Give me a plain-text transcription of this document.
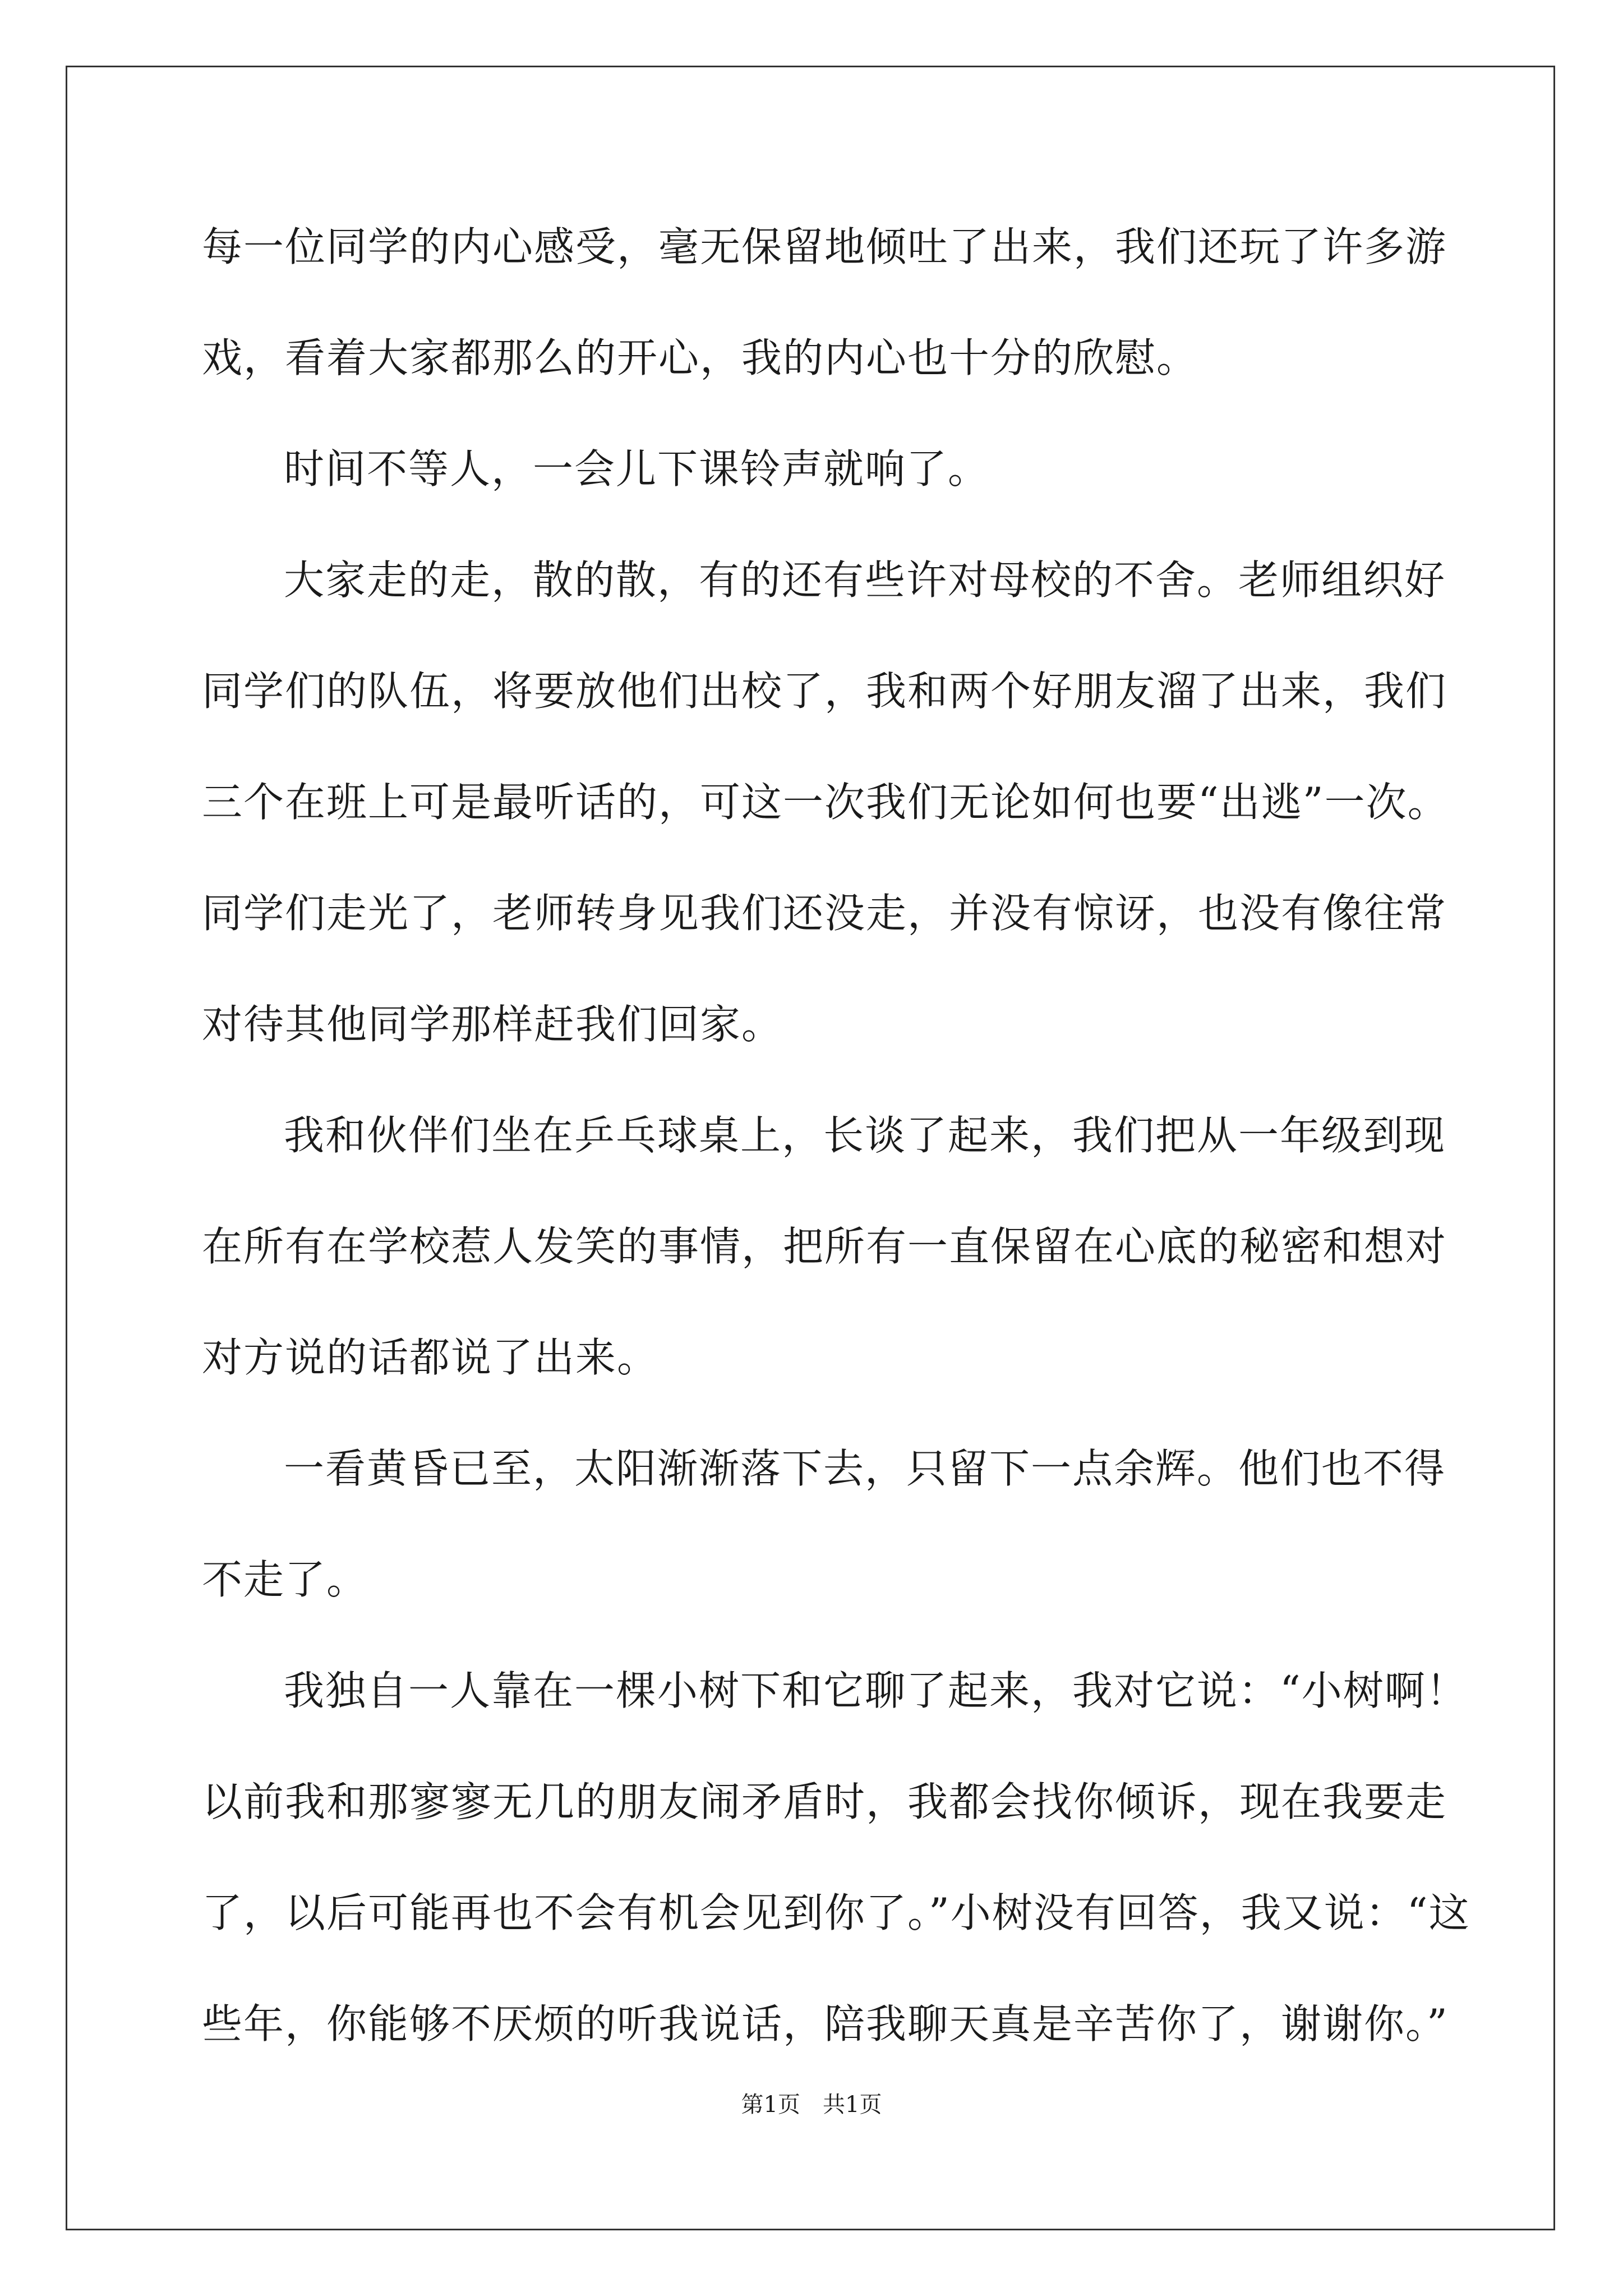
每一位同学的内心感受，毫无保留地倾吐了出来，我们还玩了许多游
戏，看着大家都那么的开心，我的内心也十分的欣慰。
时间不等人，一会儿下课铃声就响了。
大家走的走，散的散，有的还有些许对母校的不舍。老师组织好
同学们的队伍，将要放他们出校了，我和两个好朋友溜了出来，我们
三个在班上可是最听话的，可这一次我们无论如何也要“出逃”一次。
同学们走光了，老师转身见我们还没走，并没有惊讶，也没有像往常
对待其他同学那样赶我们回家。
我和伙伴们坐在乒乓球桌上，长谈了起来，我们把从一年级到现
在所有在学校惹人发笑的事情，把所有一直保留在心底的秘密和想对
对方说的话都说了出来。
一看黄昏已至，太阳渐渐落下去，只留下一点余辉。他们也不得
不走了。
我独自一人靠在一棵小树下和它聊了起来，我对它说：“小树啊！
以前我和那寥寥无几的朋友闹矛盾时，我都会找你倾诉，现在我要走
了，以后可能再也不会有机会见到你了。”小树没有回答，我又说：“这
些年，你能够不厌烦的听我说话，陪我聊天真是辛苦你了，谢谢你。”
第1页　共1页
